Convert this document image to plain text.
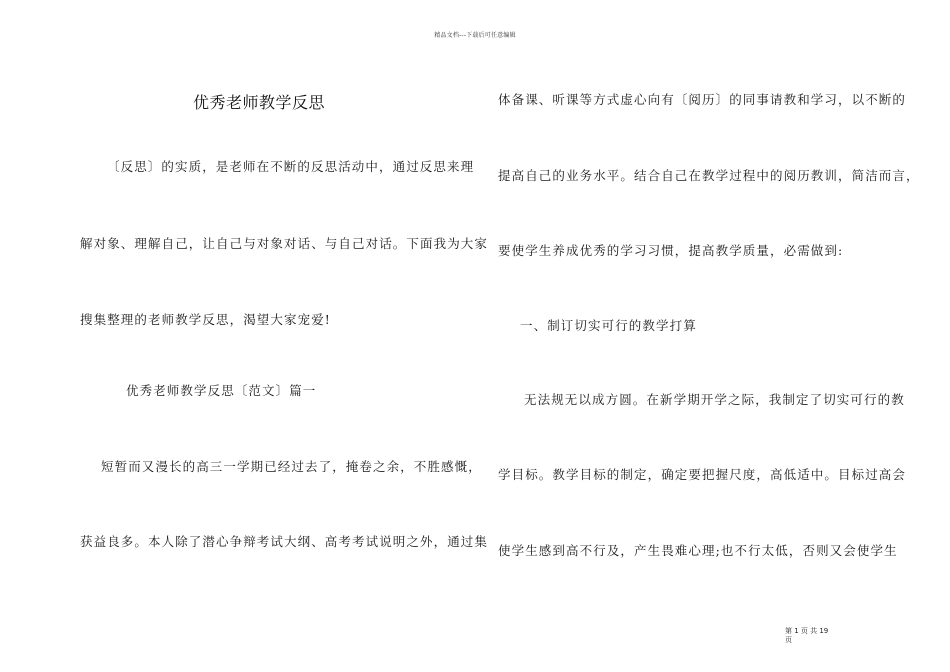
精品文档---下载后可任意编辑
优秀老师教学反思
〔反思〕的实质，是老师在不断的反思活动中，通过反思来理
解对象、理解自己，让自己与对象对话、与自己对话。下面我为大家
搜集整理的老师教学反思，渴望大家宠爱!
优秀老师教学反思〔范文〕篇一
短暂而又漫长的高三一学期已经过去了，掩卷之余，不胜感慨，
获益良多。本人除了潜心争辩考试大纲、高考考试说明之外，通过集
体备课、听课等方式虚心向有〔阅历〕的同事请教和学习，以不断的
提高自己的业务水平。结合自己在教学过程中的阅历教训，简洁而言，
要使学生养成优秀的学习习惯，提高教学质量，必需做到:
一、制订切实可行的教学打算
无法规无以成方圆。在新学期开学之际，我制定了切实可行的教
学目标。教学目标的制定，确定要把握尺度，高低适中。目标过高会
使学生感到高不行及，产生畏难心理;也不行太低，否则又会使学生
第 1 页 共 19
页
